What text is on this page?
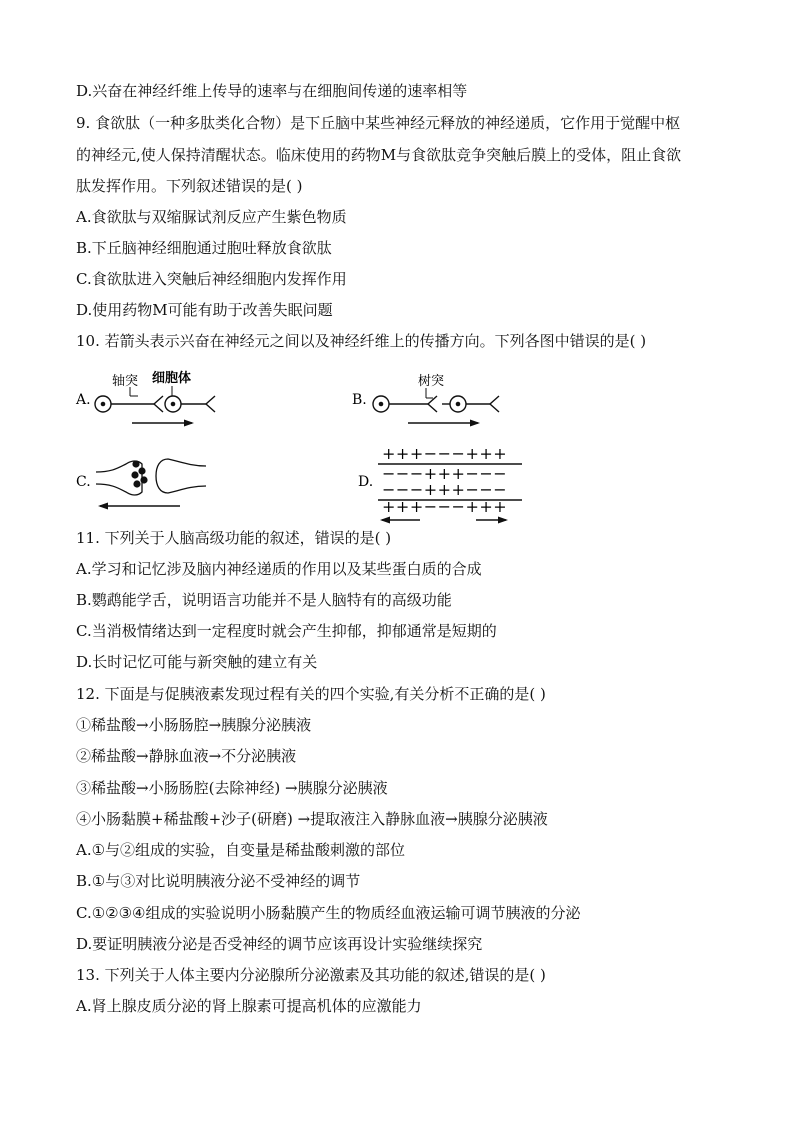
D.兴奋在神经纤维上传导的速率与在细胞间传递的速率相等
9. 食欲肽（一种多肽类化合物）是下丘脑中某些神经元释放的神经递质，它作用于觉醒中枢
的神经元,使人保持清醒状态。临床使用的药物M与食欲肽竞争突触后膜上的受体，阻止食欲
肽发挥作用。下列叙述错误的是( )
A.食欲肽与双缩脲试剂反应产生紫色物质
B.下丘脑神经细胞通过胞吐释放食欲肽
C.食欲肽进入突触后神经细胞内发挥作用
D.使用药物M可能有助于改善失眠问题
10. 若箭头表示兴奋在神经元之间以及神经纤维上的传播方向。下列各图中错误的是( )
A.
轴突 细胞体
B.
树突
C.	D.
+++−−−+++
−−−+++−−−
−−−+++−−−
+++−−−+++
11. 下列关于人脑高级功能的叙述，错误的是( )
A.学习和记忆涉及脑内神经递质的作用以及某些蛋白质的合成
B.鹦鹉能学舌，说明语言功能并不是人脑特有的高级功能
C.当消极情绪达到一定程度时就会产生抑郁，抑郁通常是短期的
D.长时记忆可能与新突触的建立有关
12. 下面是与促胰液素发现过程有关的四个实验,有关分析不正确的是( )
①稀盐酸→小肠肠腔→胰腺分泌胰液
②稀盐酸→静脉血液→不分泌胰液
③稀盐酸→小肠肠腔(去除神经) →胰腺分泌胰液
④小肠黏膜+稀盐酸+沙子(研磨) →提取液注入静脉血液→胰腺分泌胰液
A.①与②组成的实验，自变量是稀盐酸刺激的部位
B.①与③对比说明胰液分泌不受神经的调节
C.①②③④组成的实验说明小肠黏膜产生的物质经血液运输可调节胰液的分泌
D.要证明胰液分泌是否受神经的调节应该再设计实验继续探究
13. 下列关于人体主要内分泌腺所分泌激素及其功能的叙述,错误的是( )
A.肾上腺皮质分泌的肾上腺素可提高机体的应激能力
